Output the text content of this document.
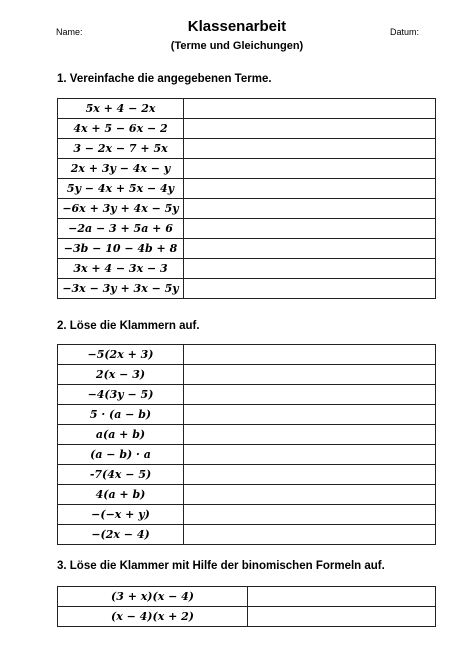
Name:	Klassenarbeit	Datum:
(Terme und Gleichungen)
1. Vereinfache die angegebenen Terme.
5x + 4 − 2x	
4x + 5 − 6x − 2	
3 − 2x − 7 + 5x	
2x + 3y − 4x − y	
5y − 4x + 5x − 4y	
−6x + 3y + 4x − 5y	
−2a − 3 + 5a + 6	
−3b − 10 − 4b + 8	
3x + 4 − 3x − 3	
−3x − 3y + 3x − 5y	
2. Löse die Klammern auf.
−5(2x + 3)	
2(x − 3)	
−4(3y − 5)	
5 · (a − b)	
a(a + b)	
(a − b) · a	
-7(4x − 5)	
4(a + b)	
−(−x + y)	
−(2x − 4)	
3. Löse die Klammer mit Hilfe der binomischen Formeln auf.
(3 + x)(x − 4)	
(x − 4)(x + 2)	
